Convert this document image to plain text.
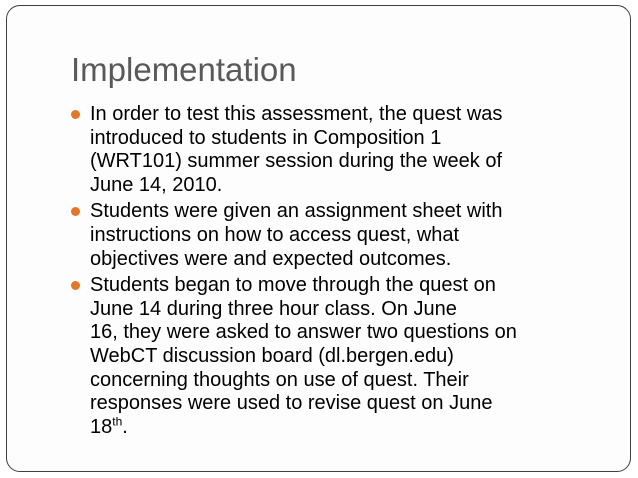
Implementation
In order to test this assessment, the quest was
introduced to students in Composition 1
(WRT101) summer session during the week of
June 14, 2010.
Students were given an assignment sheet with
instructions on how to access quest, what
objectives were and expected outcomes.
Students began to move through the quest on
June 14 during three hour class. On June
16, they were asked to answer two questions on
WebCT discussion board (dl.bergen.edu)
concerning thoughts on use of quest. Their
responses were used to revise quest on June
18th.
